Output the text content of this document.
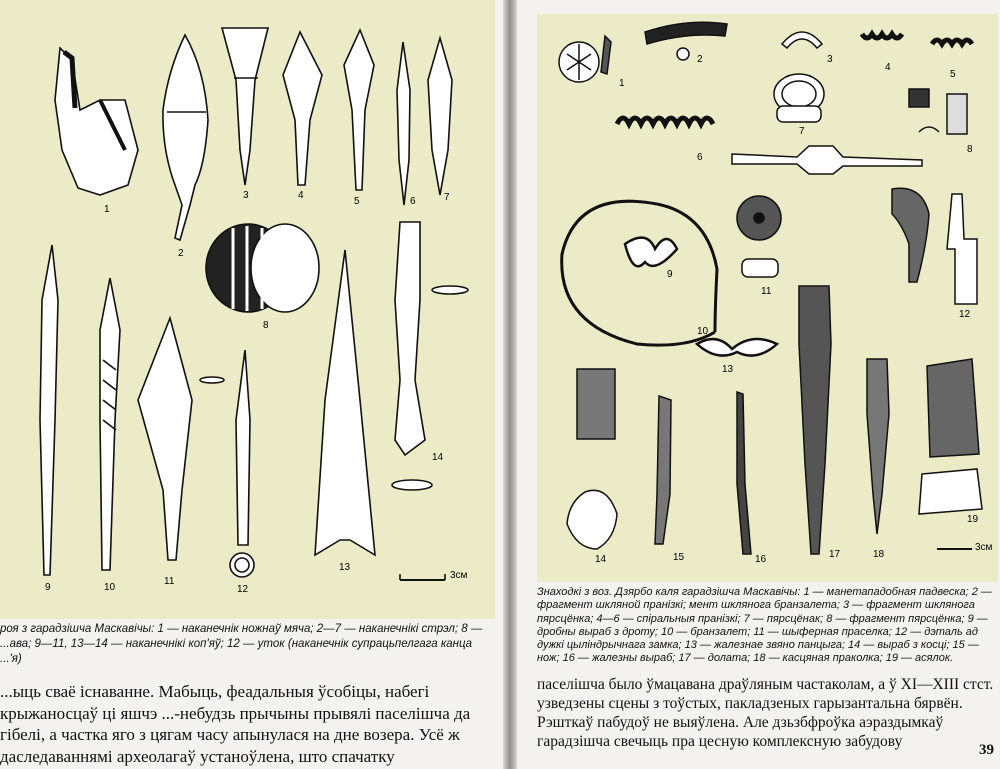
1
2
3	4
5	6	7
8
9	10
11
12
13
14
3см
роя з гарадзішча Маскавічы: 1 — наканечнік ножнаў мяча; 2—7 — наканечнікі стрэл; 8 — ...ава; 9—11, 13—14 — наканечнікі коп'яў; 12 — уток (наканечнік супрацьпелгага канца ...'я)
...ыць сваё існаванне. Мабыць, феадальныя ўсобіцы, набегі крыжаносцаў ці яшчэ ...-небудзь прычыны прывялі паселішча да гібелі, а частка яго з цягам часу апынулася на дне возера. Усё ж даследаваннямі археолагаў устаноўлена, што спачатку
1
2	3
4
5
6
7
8
9
10
11
12
13
14	15	16	17	18
19
3см
Знаходкі з воз. Дзярбо каля гарадзішча Маскавічы: 1 — манетападобная падвеска; 2 — фрагмент шкляной пранізкі; мент шклянога бранзалета; 3 — фрагмент шклянога пярсцёнка; 4—6 — спіральныя пранізкі; 7 — пярсцёнак; 8 — фрагмент пярсцёнка; 9 — дробны выраб з дроту; 10 — бранзалет; 11 — шыферная праселка; 12 — дэталь ад дужкі цыліндрычнага замка; 13 — жалезнае звяно панцыга; 14 — выраб з косці; 15 — нож; 16 — жалезны выраб; 17 — долата; 18 — касцяная праколка; 19 — асялок.
паселішча было ўмацавана драўляным частаколам, а ў XI—XIII стст. узведзены сцены з тоўстых, пакладзеных гарызантальна бярвён. Рэшткаў пабудоў не выяўлена. Але дзьзбфроўка аэраздымкаў гарадзішча свечыць пра цесную комплексную забудову	39
